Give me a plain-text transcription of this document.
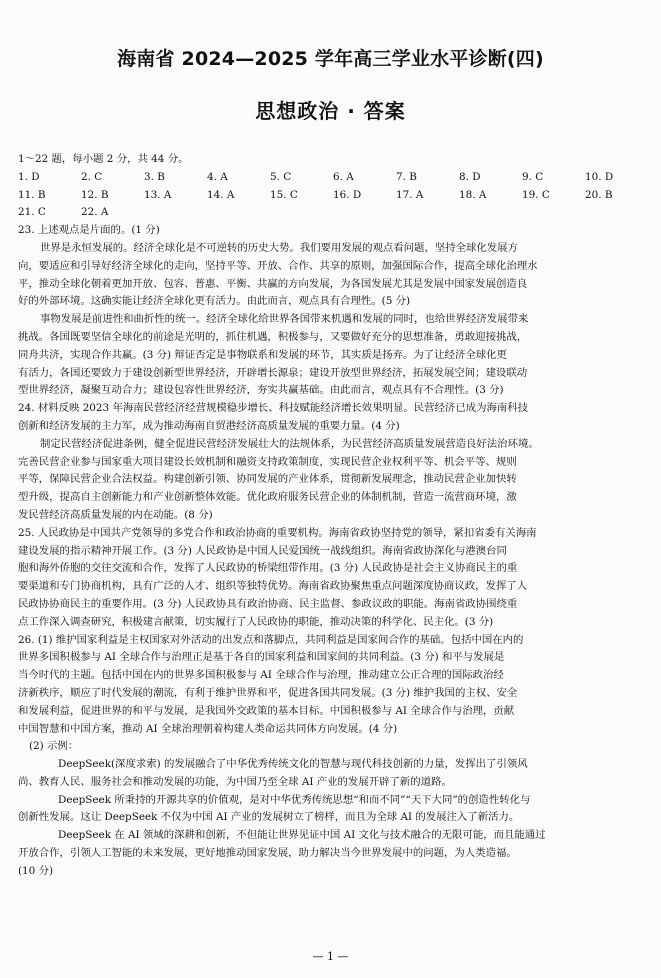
海南省 2024—2025 学年高三学业水平诊断(四)
思想政治 · 答案
1～22 题，每小题 2 分，共 44 分。
1. D	2. C	3. B	4. A	5. C	6. A	7. B	8. D	9. C	10. D
11. B	12. B	13. A	14. A	15. C	16. D	17. A	18. A	19. C	20. B
21. C	22. A
23. 上述观点是片面的。(1 分)
世界是永恒发展的。经济全球化是不可逆转的历史大势。我们要用发展的观点看问题，坚持全球化发展方
向，要适应和引导好经济全球化的走向，坚持平等、开放、合作、共享的原则，加强国际合作，提高全球化治理水
平，推动全球化朝着更加开放、包容、普惠、平衡、共赢的方向发展，为各国发展尤其是发展中国家发展创造良
好的外部环境。这确实能让经济全球化更有活力。由此而言，观点具有合理性。(5 分)
事物发展是前进性和曲折性的统一。经济全球化给世界各国带来机遇和发展的同时，也给世界经济发展带来
挑战。各国既要坚信全球化的前途是光明的，抓住机遇，积极参与，又要做好充分的思想准备，勇敢迎接挑战，
同舟共济，实现合作共赢。(3 分) 辩证否定是事物联系和发展的环节，其实质是扬弃。为了让经济全球化更
有活力，各国还要致力于建设创新型世界经济，开辟增长源泉；建设开放型世界经济，拓展发展空间；建设联动
型世界经济，凝聚互动合力；建设包容性世界经济，夯实共赢基础。由此而言，观点具有不合理性。(3 分)
24. 材料反映 2023 年海南民营经济经营规模稳步增长、科技赋能经济增长效果明显。民营经济已成为海南科技
创新和经济发展的主力军，成为推动海南自贸港经济高质量发展的重要力量。(4 分)
制定民营经济促进条例，健全促进民营经济发展壮大的法规体系，为民营经济高质量发展营造良好法治环境。
完善民营企业参与国家重大项目建设长效机制和融资支持政策制度，实现民营企业权利平等、机会平等、规则
平等，保障民营企业合法权益。构建创新引领、协同发展的产业体系，贯彻新发展理念，推动民营企业加快转
型升级，提高自主创新能力和产业创新整体效能。优化政府服务民营企业的体制机制，营造一流营商环境，激
发民营经济高质量发展的内在动能。(8 分)
25. 人民政协是中国共产党领导的多党合作和政治协商的重要机构。海南省政协坚持党的领导，紧扣省委有关海南
建设发展的指示精神开展工作。(3 分) 人民政协是中国人民爱国统一战线组织。海南省政协深化与港澳台同
胞和海外侨胞的交往交流和合作，发挥了人民政协的桥梁纽带作用。(3 分) 人民政协是社会主义协商民主的重
要渠道和专门协商机构，具有广泛的人才、组织等独特优势。海南省政协聚焦重点问题深度协商议政，发挥了人
民政协协商民主的重要作用。(3 分) 人民政协具有政治协商、民主监督、参政议政的职能。海南省政协围绕重
点工作深入调查研究，积极建言献策，切实履行了人民政协的职能，推动决策的科学化、民主化。(3 分)
26. (1) 维护国家利益是主权国家对外活动的出发点和落脚点，共同利益是国家间合作的基础。包括中国在内的
世界多国积极参与 AI 全球合作与治理正是基于各自的国家利益和国家间的共同利益。(3 分) 和平与发展是
当今时代的主题。包括中国在内的世界多国积极参与 AI 全球合作与治理，推动建立公正合理的国际政治经
济新秩序，顺应了时代发展的潮流，有利于维护世界和平，促进各国共同发展。(3 分) 维护我国的主权、安全
和发展利益，促进世界的和平与发展，是我国外交政策的基本目标。中国积极参与 AI 全球合作与治理，贡献
中国智慧和中国方案，推动 AI 全球治理朝着构建人类命运共同体方向发展。(4 分)
(2) 示例：
DeepSeek(深度求索) 的发展融合了中华优秀传统文化的智慧与现代科技创新的力量，发挥出了引领风
尚、教育人民、服务社会和推动发展的功能，为中国乃至全球 AI 产业的发展开辟了新的道路。
DeepSeek 所秉持的开源共享的价值观，是对中华优秀传统思想“和而不同”“天下大同”的创造性转化与
创新性发展。这让 DeepSeek 不仅为中国 AI 产业的发展树立了榜样，而且为全球 AI 的发展注入了新活力。
DeepSeek 在 AI 领域的深耕和创新，不但能让世界见证中国 AI 文化与技术融合的无限可能，而且能通过
开放合作，引领人工智能的未来发展，更好地推动国家发展，助力解决当今世界发展中的问题，为人类造福。
(10 分)
— 1 —
